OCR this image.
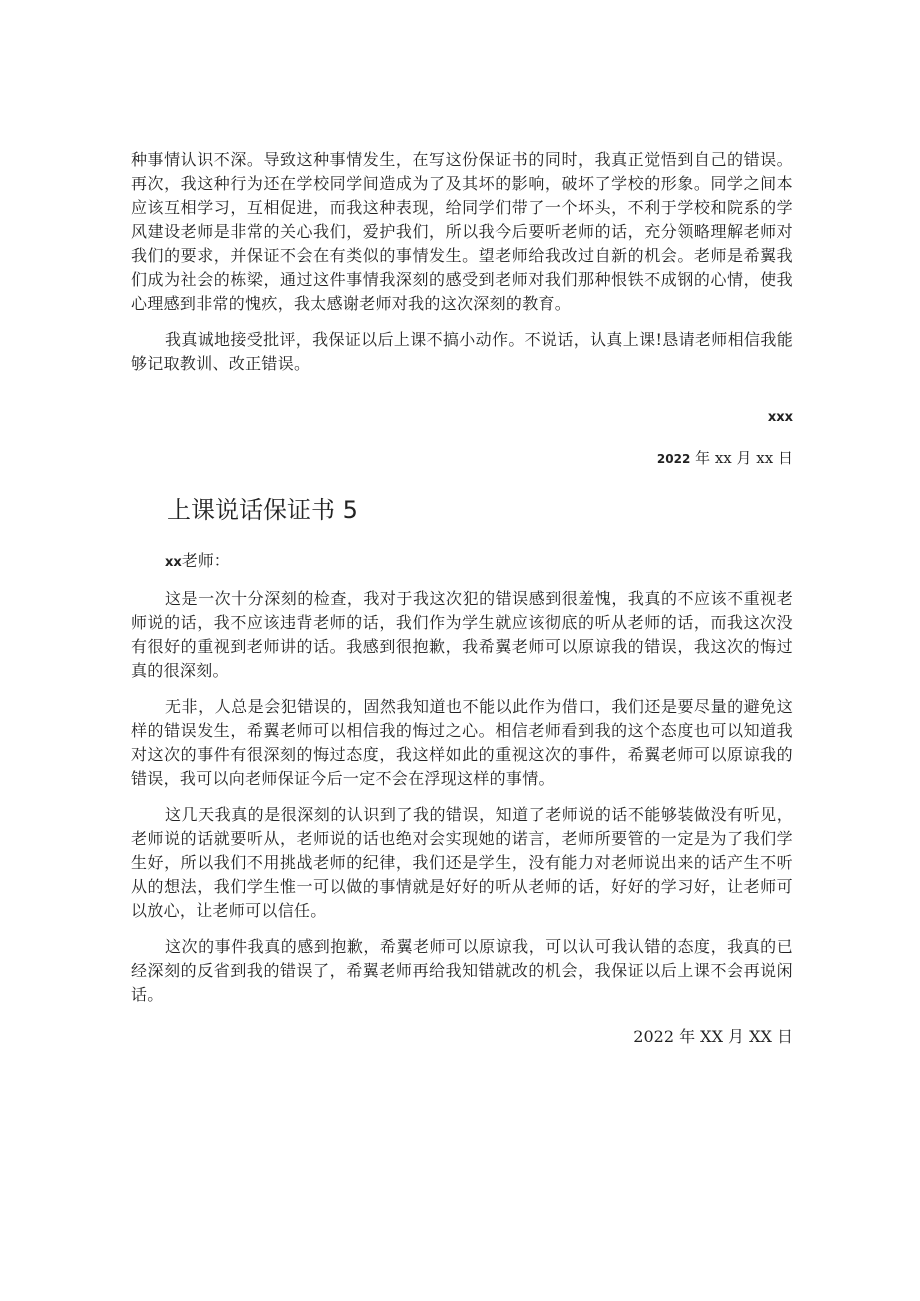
种事情认识不深。导致这种事情发生，在写这份保证书的同时，我真正觉悟到自己的错误。再次，我这种行为还在学校同学间造成为了及其坏的影响，破坏了学校的形象。同学之间本应该互相学习，互相促进，而我这种表现，给同学们带了一个坏头，不利于学校和院系的学风建设老师是非常的关心我们，爱护我们，所以我今后要听老师的话，充分领略理解老师对我们的要求，并保证不会在有类似的事情发生。望老师给我改过自新的机会。老师是希翼我们成为社会的栋梁，通过这件事情我深刻的感受到老师对我们那种恨铁不成钢的心情，使我心理感到非常的愧疚，我太感谢老师对我的这次深刻的教育。

我真诚地接受批评，我保证以后上课不搞小动作。不说话，认真上课!恳请老师相信我能够记取教训、改正错误。

xxx

2022 年 xx 月 xx 日

上课说话保证书 5

xx老师：

这是一次十分深刻的检查，我对于我这次犯的错误感到很羞愧，我真的不应该不重视老师说的话，我不应该违背老师的话，我们作为学生就应该彻底的听从老师的话，而我这次没有很好的重视到老师讲的话。我感到很抱歉，我希翼老师可以原谅我的错误，我这次的悔过真的很深刻。

无非，人总是会犯错误的，固然我知道也不能以此作为借口，我们还是要尽量的避免这样的错误发生，希翼老师可以相信我的悔过之心。相信老师看到我的这个态度也可以知道我对这次的事件有很深刻的悔过态度，我这样如此的重视这次的事件，希翼老师可以原谅我的错误，我可以向老师保证今后一定不会在浮现这样的事情。

这几天我真的是很深刻的认识到了我的错误，知道了老师说的话不能够装做没有听见，老师说的话就要听从，老师说的话也绝对会实现她的诺言，老师所要管的一定是为了我们学生好，所以我们不用挑战老师的纪律，我们还是学生，没有能力对老师说出来的话产生不听从的想法，我们学生惟一可以做的事情就是好好的听从老师的话，好好的学习好，让老师可以放心，让老师可以信任。

这次的事件我真的感到抱歉，希翼老师可以原谅我，可以认可我认错的态度，我真的已经深刻的反省到我的错误了，希翼老师再给我知错就改的机会，我保证以后上课不会再说闲话。

2022 年 XX 月 XX 日
